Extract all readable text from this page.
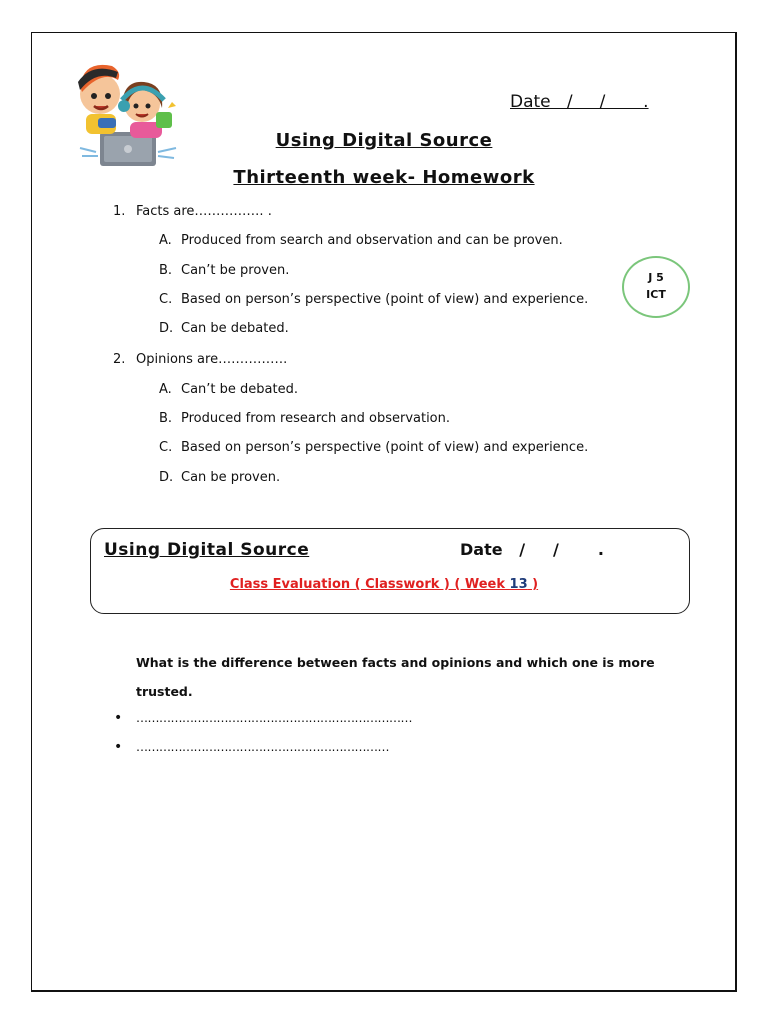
Date   /     /       .
Using Digital Source
Thirteenth week- Homework
1. Facts are……………. .
A. Produced from search and observation and can be proven.
B. Can’t be proven.
C. Based on person’s perspective (point of view) and experience.
D. Can be debated.
J 5
ICT
2. Opinions are…………….
A. Can’t be debated.
B. Produced from research and observation.
C. Based on person’s perspective (point of view) and experience.
D. Can be proven.
Using Digital Source	Date   /     /       .
Class Evaluation ( Classwork ) ( Week 13 )
What is the difference between facts and opinions and which one is more trusted.
• ………………………………………………………………
• …………………………………………………………
